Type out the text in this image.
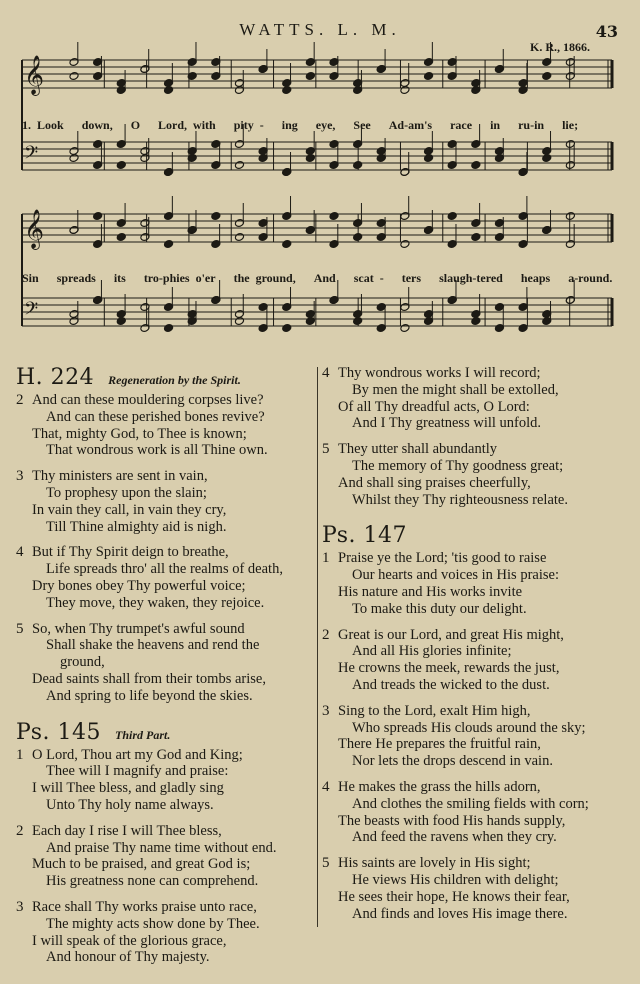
WATTS. L. M.	43
K. R., 1866.
𝄞
𝄢
𝄞
𝄢
1. Look down, O Lord, with pity - ing eye, See Ad-am's race in ru-in lie;
Sin spreads its tro-phies o'er the ground, And scat - ters slaugh-tered heaps a-round.
H. 224 Regeneration by the Spirit.
2 And can these mouldering corpses live?
And can these perished bones revive?
That, mighty God, to Thee is known;
That wondrous work is all Thine own.
3 Thy ministers are sent in vain,
To prophesy upon the slain;
In vain they call, in vain they cry,
Till Thine almighty aid is nigh.
4 But if Thy Spirit deign to breathe,
Life spreads thro' all the realms of death,
Dry bones obey Thy powerful voice;
They move, they waken, they rejoice.
5 So, when Thy trumpet's awful sound
Shall shake the heavens and rend the
ground,
Dead saints shall from their tombs arise,
And spring to life beyond the skies.
Ps. 145 Third Part.
1 O Lord, Thou art my God and King;
Thee will I magnify and praise:
I will Thee bless, and gladly sing
Unto Thy holy name always.
2 Each day I rise I will Thee bless,
And praise Thy name time without end.
Much to be praised, and great God is;
His greatness none can comprehend.
3 Race shall Thy works praise unto race,
The mighty acts show done by Thee.
I will speak of the glorious grace,
And honour of Thy majesty.
4 Thy wondrous works I will record;
By men the might shall be extolled,
Of all Thy dreadful acts, O Lord:
And I Thy greatness will unfold.
5 They utter shall abundantly
The memory of Thy goodness great;
And shall sing praises cheerfully,
Whilst they Thy righteousness relate.
Ps. 147
1 Praise ye the Lord; 'tis good to raise
Our hearts and voices in His praise:
His nature and His works invite
To make this duty our delight.
2 Great is our Lord, and great His might,
And all His glories infinite;
He crowns the meek, rewards the just,
And treads the wicked to the dust.
3 Sing to the Lord, exalt Him high,
Who spreads His clouds around the sky;
There He prepares the fruitful rain,
Nor lets the drops descend in vain.
4 He makes the grass the hills adorn,
And clothes the smiling fields with corn;
The beasts with food His hands supply,
And feed the ravens when they cry.
5 His saints are lovely in His sight;
He views His children with delight;
He sees their hope, He knows their fear,
And finds and loves His image there.
